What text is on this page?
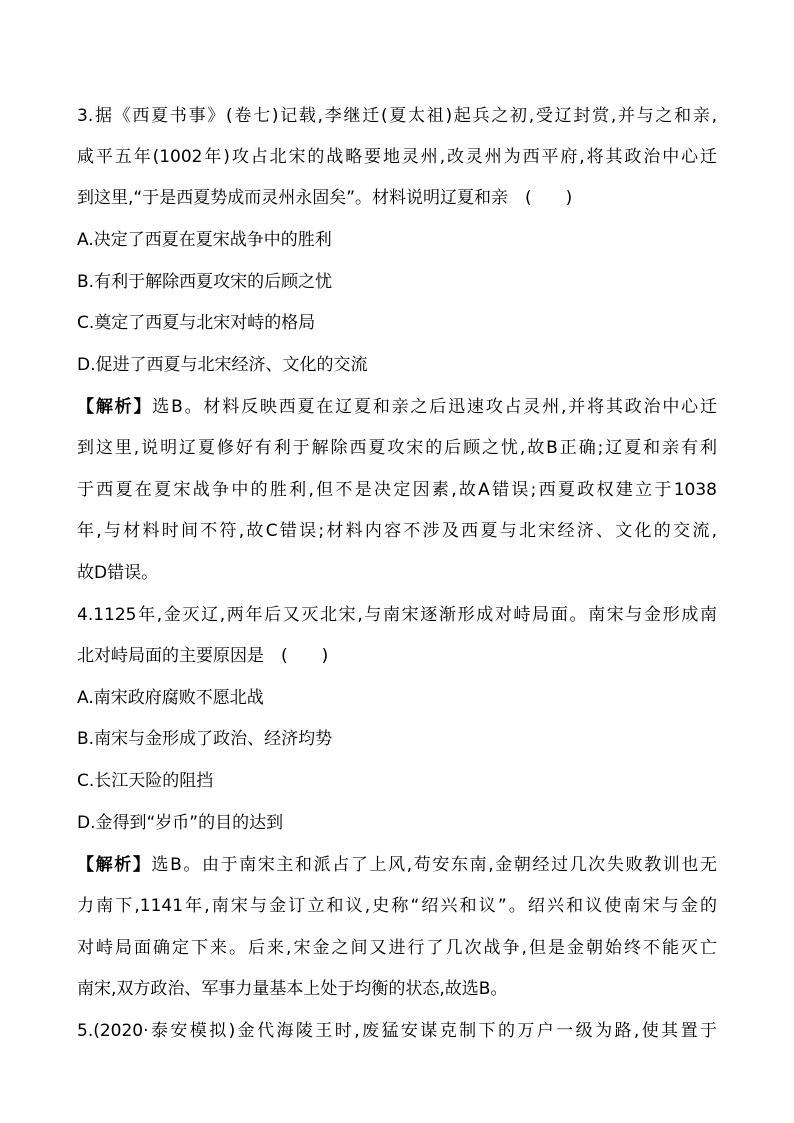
3.据《西夏书事》(卷七)记载,李继迁(夏太祖)起兵之初,受辽封赏,并与之和亲,
咸平五年(1002年)攻占北宋的战略要地灵州,改灵州为西平府,将其政治中心迁
到这里,“于是西夏势成而灵州永固矣”。材料说明辽夏和亲　(　　)
A.决定了西夏在夏宋战争中的胜利
B.有利于解除西夏攻宋的后顾之忧
C.奠定了西夏与北宋对峙的格局
D.促进了西夏与北宋经济、文化的交流
【解析】选B。材料反映西夏在辽夏和亲之后迅速攻占灵州,并将其政治中心迁
到这里,说明辽夏修好有利于解除西夏攻宋的后顾之忧,故B正确;辽夏和亲有利
于西夏在夏宋战争中的胜利,但不是决定因素,故A错误;西夏政权建立于1038
年,与材料时间不符,故C错误;材料内容不涉及西夏与北宋经济、文化的交流,
故D错误。
4.1125年,金灭辽,两年后又灭北宋,与南宋逐渐形成对峙局面。南宋与金形成南
北对峙局面的主要原因是　(　　)
A.南宋政府腐败不愿北战
B.南宋与金形成了政治、经济均势
C.长江天险的阻挡
D.金得到“岁币”的目的达到
【解析】选B。由于南宋主和派占了上风,苟安东南,金朝经过几次失败教训也无
力南下,1141年,南宋与金订立和议,史称“绍兴和议”。绍兴和议使南宋与金的
对峙局面确定下来。后来,宋金之间又进行了几次战争,但是金朝始终不能灭亡
南宋,双方政治、军事力量基本上处于均衡的状态,故选B。
5.(2020·泰安模拟)金代海陵王时,废猛安谋克制下的万户一级为路,使其置于
